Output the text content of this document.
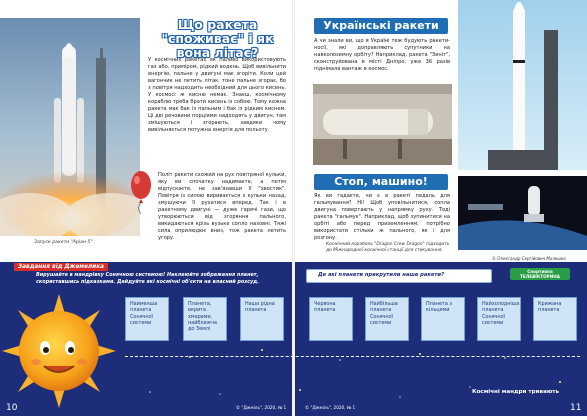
Запуск ракети "Аріан-5"
Що ракета "споживає" і як вона літає?
У космічних ракетах як паливо використовують газ або, приміром, рідкий водень. Щоб вивільнити енергію, пальне у двигуні має згоріти. Коли цей вагончик не летить літак, тоне пальне згорає, бо з повітря надходить необхідний для цього кисень. У космосі ж кисню немає. Знаєш, космічному кораблю треба брати кисень із собою. Тому кожна ракета має бак із пальним і бак із рідким киснем. Ці дві речовини порціями надходять у двигун, там змішуються і згорають, завдяки чому вивільняється потужна енергія для польоту.
Політ ракети схожий на рух повітряної кульки, яку ви спочатку надимаєте, а потім відпускаєте, не зав'язавши її "хвостик". Повітря із силою виривається з кульки назад, змушуючи її рухатися вперед. Так і в ракетному двигуні — дуже гарячі гази, що утворюються від згоряння пального, викидаються крізь вузьке сопло назовні. Тяжі сила оприлюдює вниз, тож ракета летить угору.
Українські ракети
А чи знали ви, що в Україні теж будують ракети-носії, які доправляють супутники на навколоземну орбіту? Наприклад, ракета "Зеніт", сконструйована в місті Дніпро, уже 36 разів піднімала вантаж в космос.
Стоп, машино!
Як ви гадаєте, чи є в ракеті педаль для гальмування? Ні! Щоб уповільнитися, сопла двигуна повертають у напрямку руху. Тоді ракета "гальмує". Наприклад, щоб зупинитися на орбіті або перед приземленням, потрібно використати стільки ж пального, як і для розгону.
Космічний корабель "Dragon Crew Dragon" підходить до Міжнародної космічної станції для стикування.
© Олександр Сергійович Малешко
Завдання від Джемелика
Вирушайте в мандрівку Сонячною системою! Наклеюйте зображення планет, скориставшись підказками. Дайдуйте які космічні об'єкти на власний розсуд.
Де які планети прикрутили наше ракети?
Спортивна ТЕЛЕВІКТОРИНА
Найменша планета Сонячної системи
Планета, вкрита хмарами, найближча до Землі
Наша рідна планета
Червона планета
Найбільша планета Сонячної системи
Планета з кільцями
Найхолодніша планета Сонячної системи
Крижана планета
10	© "Джміль", 2020, № 1	© "Джміль", 2020, № 1
Космічні мандри тривають
11
